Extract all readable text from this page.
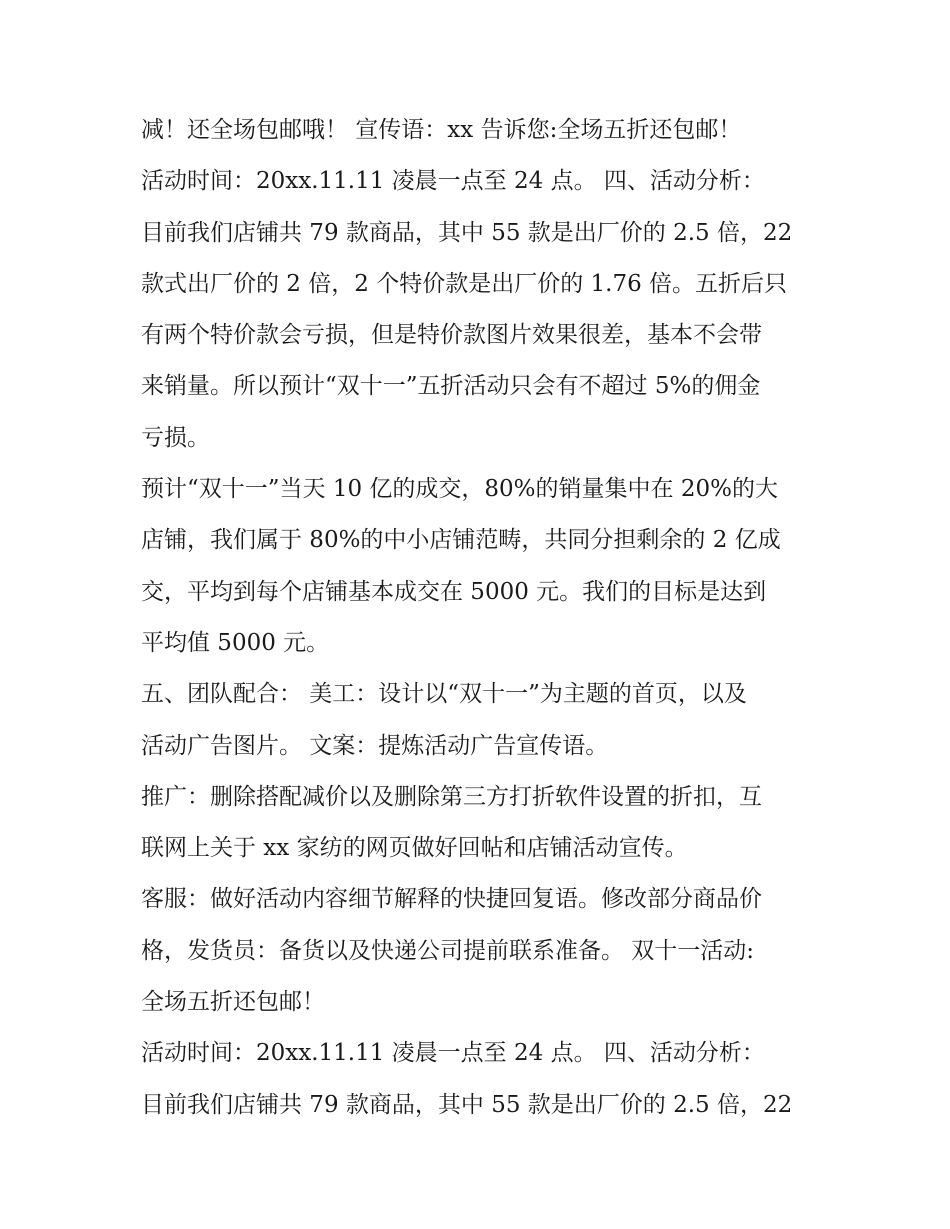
减！还全场包邮哦！ 宣传语：xx 告诉您:全场五折还包邮！
活动时间：20xx.11.11 凌晨一点至 24 点。 四、活动分析：
目前我们店铺共 79 款商品，其中 55 款是出厂价的 2.5 倍，22
款式出厂价的 2 倍，2 个特价款是出厂价的 1.76 倍。五折后只
有两个特价款会亏损，但是特价款图片效果很差，基本不会带
来销量。所以预计“双十一”五折活动只会有不超过 5%的佣金
亏损。
预计“双十一”当天 10 亿的成交，80%的销量集中在 20%的大
店铺，我们属于 80%的中小店铺范畴，共同分担剩余的 2 亿成
交，平均到每个店铺基本成交在 5000 元。我们的目标是达到
平均值 5000 元。
五、团队配合： 美工：设计以“双十一”为主题的首页，以及
活动广告图片。 文案：提炼活动广告宣传语。
推广：删除搭配减价以及删除第三方打折软件设置的折扣，互
联网上关于 xx 家纺的网页做好回帖和店铺活动宣传。
客服：做好活动内容细节解释的快捷回复语。修改部分商品价
格，发货员：备货以及快递公司提前联系准备。 双十一活动:
全场五折还包邮！
活动时间：20xx.11.11 凌晨一点至 24 点。 四、活动分析：
目前我们店铺共 79 款商品，其中 55 款是出厂价的 2.5 倍，22
